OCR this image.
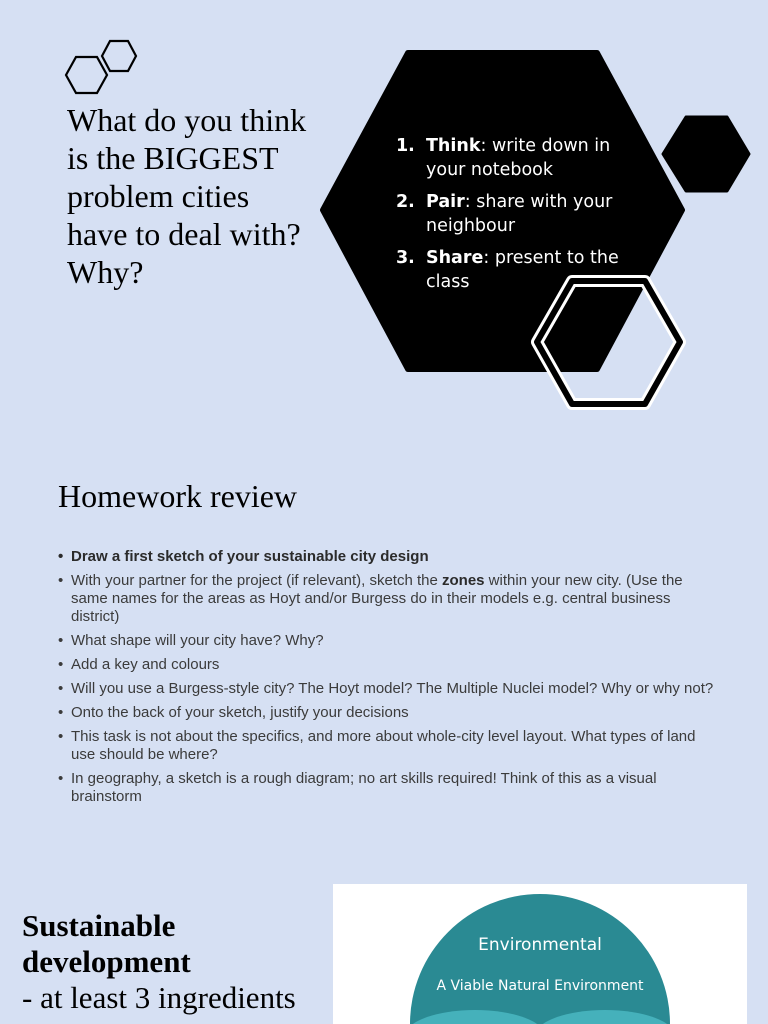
What do you think is the BIGGEST problem cities have to deal with? Why?
1. Think: write down in your notebook
2. Pair: share with your neighbour
3. Share: present to the class
Homework review
• Draw a first sketch of your sustainable city design
• With your partner for the project (if relevant), sketch the zones within your new city. (Use the same names for the areas as Hoyt and/or Burgess do in their models e.g. central business district)
• What shape will your city have? Why?
• Add a key and colours
• Will you use a Burgess-style city? The Hoyt model? The Multiple Nuclei model? Why or why not?
• Onto the back of your sketch, justify your decisions
• This task is not about the specifics, and more about whole-city level layout. What types of land use should be where?
• In geography, a sketch is a rough diagram; no art skills required! Think of this as a visual brainstorm
Sustainable development
- at least 3 ingredients
Environmental
A Viable Natural Environment
